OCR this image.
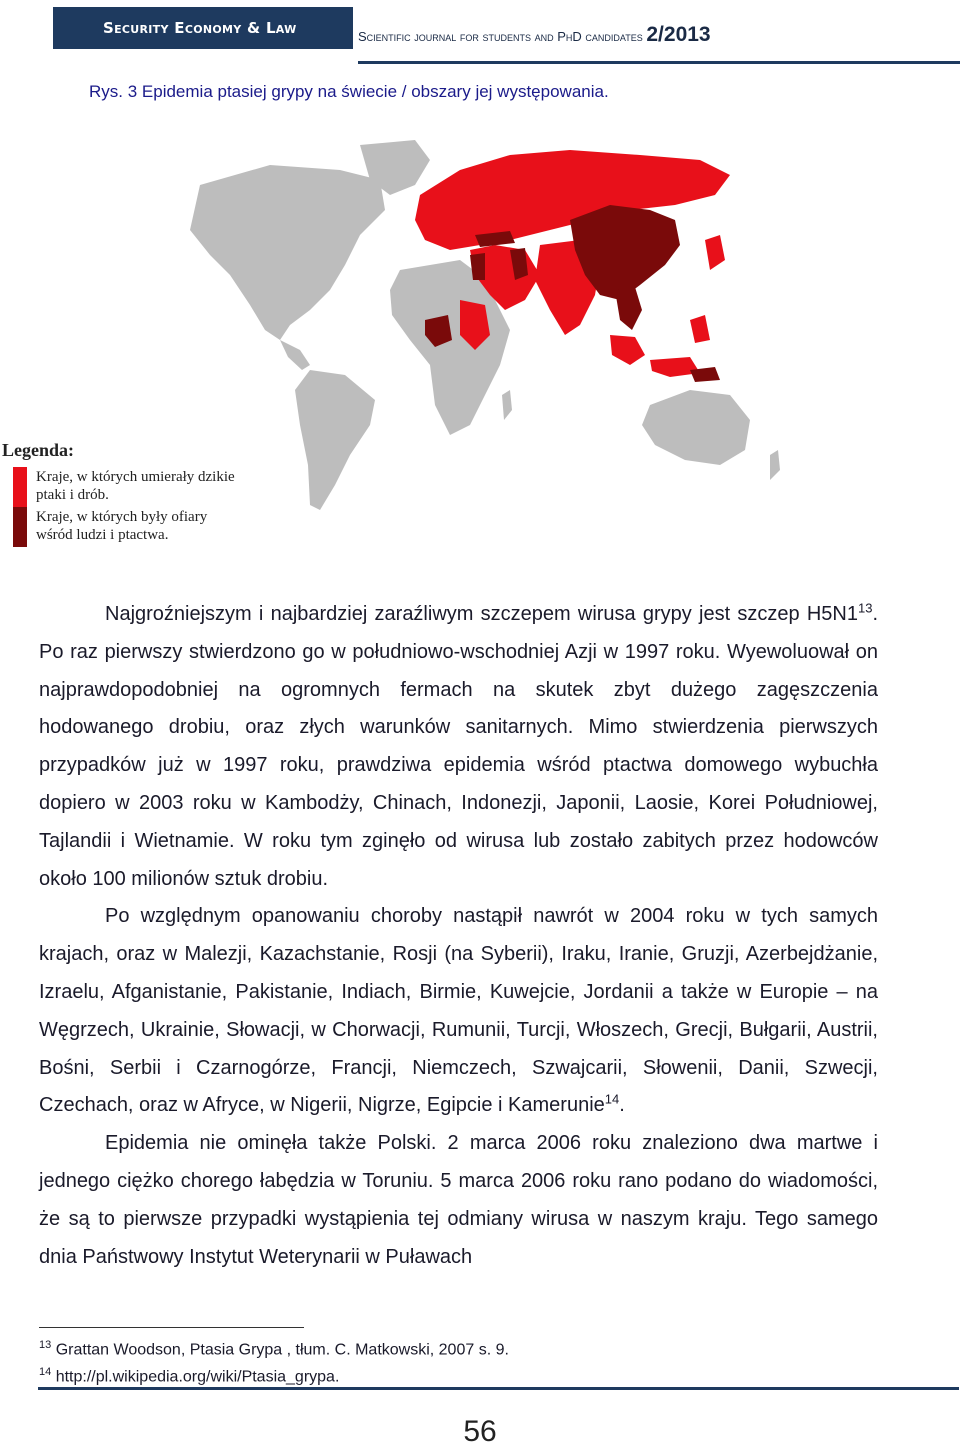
Security Economy & Law	Scientific journal for students and PhD candidates 2/2013
Rys. 3 Epidemia ptasiej grypy na świecie / obszary jej występowania.
Legenda:
Kraje, w których umierały dzikie ptaki i drób.
Kraje, w których były ofiary wśród ludzi i ptactwa.

Najgroźniejszym i najbardziej zaraźliwym szczepem wirusa grypy jest szczep $H5N1^{13}$. Po raz pierwszy stwierdzono go w południowo-wschodniej Azji w 1997 roku. Wyewoluował on najprawdopodobniej na ogromnych fermach na skutek zbyt dużego zagęszczenia hodowanego drobiu, oraz złych warunków sanitarnych. Mimo stwierdzenia pierwszych przypadków już w 1997 roku, prawdziwa epidemia wśród ptactwa domowego wybuchła dopiero w 2003 roku w Kambodży, Chinach, Indonezji, Japonii, Laosie, Korei Południowej, Tajlandii i Wietnamie. W roku tym zginęło od wirusa lub zostało zabitych przez hodowców około 100 milionów sztuk drobiu.

Po względnym opanowaniu choroby nastąpił nawrót w 2004 roku w tych samych krajach, oraz w Malezji, Kazachstanie, Rosji (na Syberii), Iraku, Iranie, Gruzji, Azerbejdżanie, Izraelu, Afganistanie, Pakistanie, Indiach, Birmie, Kuwejcie, Jordanii a także w Europie – na Węgrzech, Ukrainie, Słowacji, w Chorwacji, Rumunii, Turcji, Włoszech, Grecji, Bułgarii, Austrii, Bośni, Serbii i Czarnogórze, Francji, Niemczech, Szwajcarii, Słowenii, Danii, Szwecji, Czechach, oraz w Afryce, w Nigerii, Nigrze, Egipcie i Kamerunie$^{14}$.

Epidemia nie ominęła także Polski. 2 marca 2006 roku znaleziono dwa martwe i jednego ciężko chorego łabędzia w Toruniu. 5 marca 2006 roku rano podano do wiadomości, że są to pierwsze przypadki wystąpienia tej odmiany wirusa w naszym kraju. Tego samego dnia Państwowy Instytut Weterynarii w Puławach

$^{13}$ Grattan Woodson, Ptasia Grypa , tłum. C. Matkowski, 2007 s. 9.
$^{14}$ http://pl.wikipedia.org/wiki/Ptasia_grypa.
56
